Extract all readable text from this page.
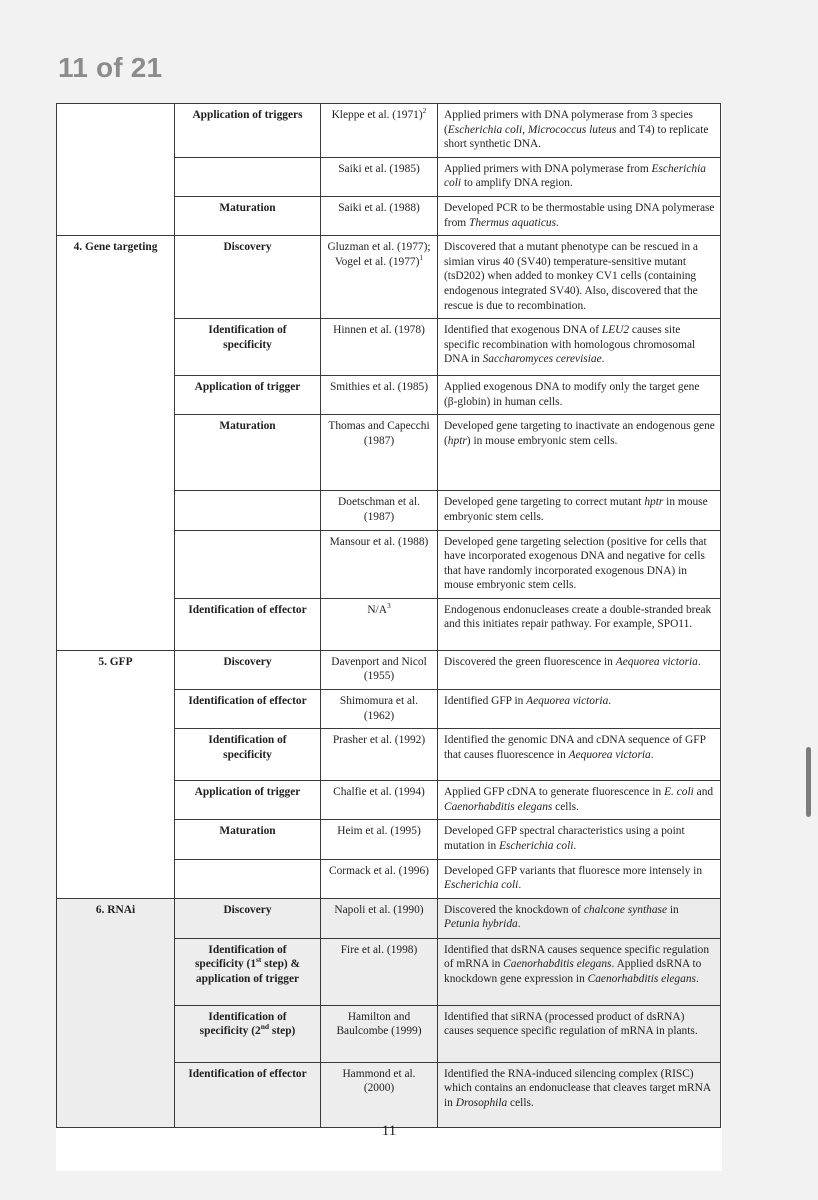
11 of 21
	Application of triggers	Kleppe et al. $(1971)^2$	Applied primers with DNA polymerase from 3 species (Escherichia coli, Micrococcus luteus and T4) to replicate short synthetic DNA.
		Saiki et al. (1985)	Applied primers with DNA polymerase from Escherichia coli to amplify DNA region.
	Maturation	Saiki et al. (1988)	Developed PCR to be thermostable using DNA polymerase from Thermus aquaticus.
4. Gene targeting	Discovery	Gluzman et al. (1977); Vogel et al. $(1977)^1$	Discovered that a mutant phenotype can be rescued in a simian virus 40 (SV40) temperature-sensitive mutant (tsD202) when added to monkey CV1 cells (containing endogenous integrated SV40). Also, discovered that the rescue is due to recombination.
	Identification of specificity	Hinnen et al. (1978)	Identified that exogenous DNA of LEU2 causes site specific recombination with homologous chromosomal DNA in Saccharomyces cerevisiae.
	Application of trigger	Smithies et al. (1985)	Applied exogenous DNA to modify only the target gene (β-globin) in human cells.
	Maturation	Thomas and Capecchi (1987)	Developed gene targeting to inactivate an endogenous gene (hptr) in mouse embryonic stem cells.
		Doetschman et al. (1987)	Developed gene targeting to correct mutant hptr in mouse embryonic stem cells.
		Mansour et al. (1988)	Developed gene targeting selection (positive for cells that have incorporated exogenous DNA and negative for cells that have randomly incorporated exogenous DNA) in mouse embryonic stem cells.
	Identification of effector	$N/A^3$	Endogenous endonucleases create a double-stranded break and this initiates repair pathway. For example, SPO11.
5. GFP	Discovery	Davenport and Nicol (1955)	Discovered the green fluorescence in Aequorea victoria.
	Identification of effector	Shimomura et al. (1962)	Identified GFP in Aequorea victoria.
	Identification of specificity	Prasher et al. (1992)	Identified the genomic DNA and cDNA sequence of GFP that causes fluorescence in Aequorea victoria.
	Application of trigger	Chalfie et al. (1994)	Applied GFP cDNA to generate fluorescence in E. coli and Caenorhabditis elegans cells.
	Maturation	Heim et al. (1995)	Developed GFP spectral characteristics using a point mutation in Escherichia coli.
		Cormack et al. (1996)	Developed GFP variants that fluoresce more intensely in Escherichia coli.
6. RNAi	Discovery	Napoli et al. (1990)	Discovered the knockdown of chalcone synthase in Petunia hybrida.
	Identification of specificity (1st step) & application of trigger	Fire et al. (1998)	Identified that dsRNA causes sequence specific regulation of mRNA in Caenorhabditis elegans. Applied dsRNA to knockdown gene expression in Caenorhabditis elegans.
	Identification of specificity (2nd step)	Hamilton and Baulcombe (1999)	Identified that siRNA (processed product of dsRNA) causes sequence specific regulation of mRNA in plants.
	Identification of effector	Hammond et al. (2000)	Identified the RNA-induced silencing complex (RISC) which contains an endonuclease that cleaves target mRNA in Drosophila cells.
11
